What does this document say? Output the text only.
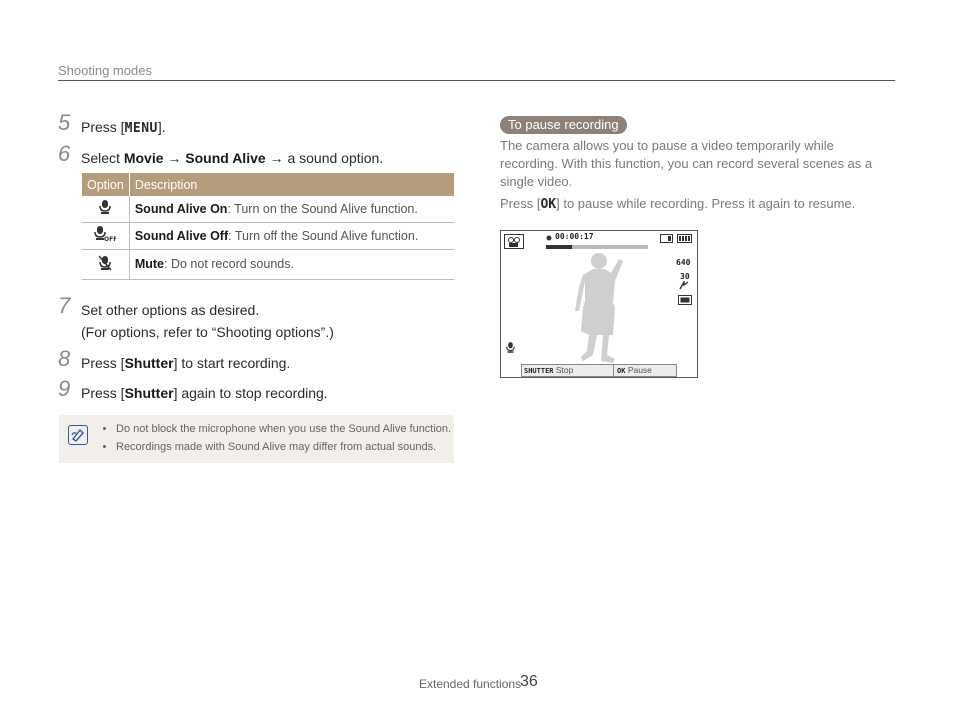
Shooting modes
5 Press [MENU].
6 Select Movie → Sound Alive → a sound option.
Option	Description
	Sound Alive On: Turn on the Sound Alive function.

OFF	Sound Alive Off: Turn off the Sound Alive function.
	Mute: Do not record sounds.
7 Set other options as desired.
(For options, refer to “Shooting options”.)
8 Press [Shutter] to start recording.
9 Press [Shutter] again to stop recording.
• Do not block the microphone when you use the Sound Alive function.
• Recordings made with Sound Alive may differ from actual sounds.
To pause recording
The camera allows you to pause a video temporarily while recording. With this function, you can record several scenes as a single video.
Press [OK] to pause while recording. Press it again to resume.
00:00:17
640
30
SHUTTER Stop	OK Pause
Extended functions
36
